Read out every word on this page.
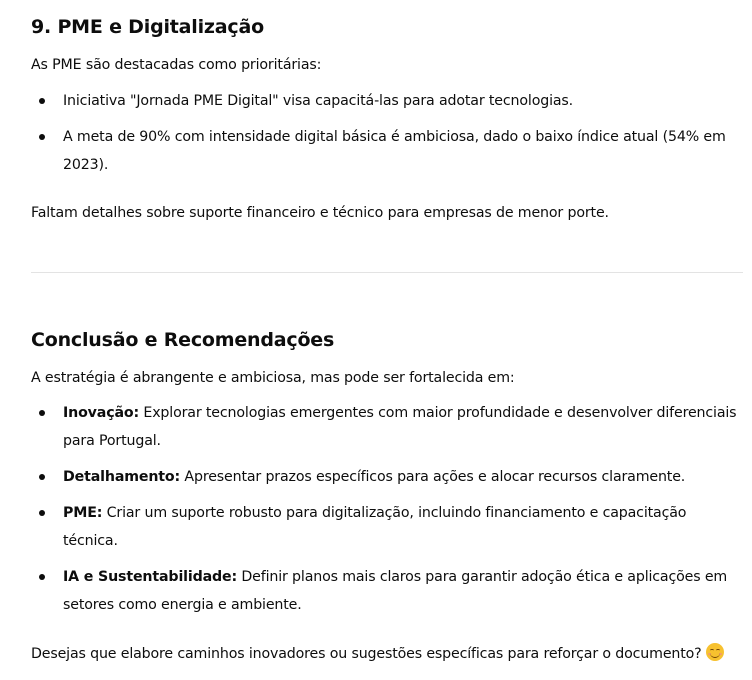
9. PME e Digitalização

As PME são destacadas como prioritárias:

Iniciativa "Jornada PME Digital" visa capacitá-las para adotar tecnologias.
A meta de 90% com intensidade digital básica é ambiciosa, dado o baixo índice atual (54% em 2023).

Faltam detalhes sobre suporte financeiro e técnico para empresas de menor porte.

Conclusão e Recomendações

A estratégia é abrangente e ambiciosa, mas pode ser fortalecida em:

Inovação: Explorar tecnologias emergentes com maior profundidade e desenvolver diferenciais para Portugal.
Detalhamento: Apresentar prazos específicos para ações e alocar recursos claramente.
PME: Criar um suporte robusto para digitalização, incluindo financiamento e capacitação técnica.
IA e Sustentabilidade: Definir planos mais claros para garantir adoção ética e aplicações em setores como energia e ambiente.

Desejas que elabore caminhos inovadores ou sugestões específicas para reforçar o documento?
